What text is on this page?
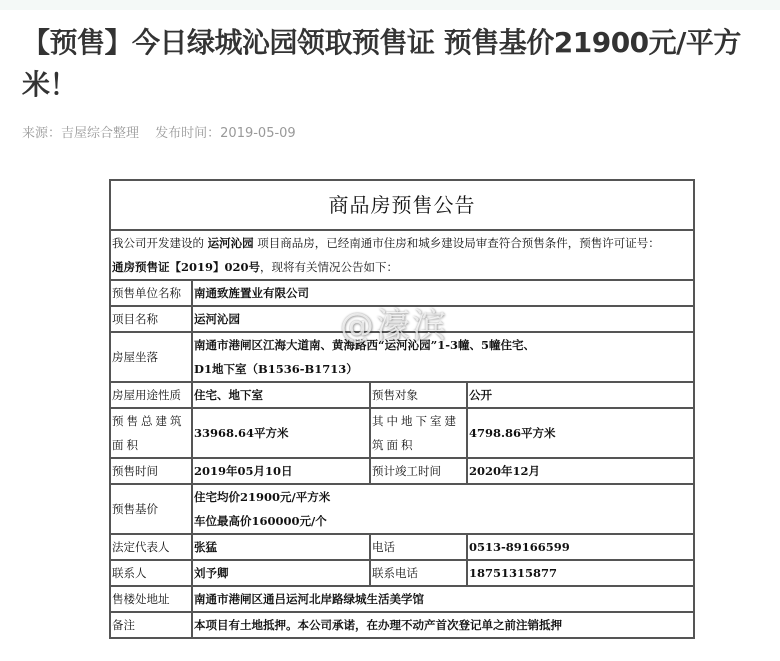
【预售】今日绿城沁园领取预售证 预售基价21900元/平方米！
来源：吉屋综合整理 发布时间：2019-05-09
商品房预售公告			
我公司开发建设的 运河沁园 项目商品房，已经南通市住房和城乡建设局审查符合预售条件，预售许可证号：
通房预售证【2019】020号，现将有关情况公告如下：			
预售单位名称	南通致旌置业有限公司		
项目名称	运河沁园		
房屋坐落	南通市港闸区江海大道南、黄海路西“运河沁园”1-3幢、5幢住宅、
D1地下室（B1536-B1713）		
房屋用途性质	住宅、地下室	预售对象	公开
预售总建筑面积	33968.64平方米	其中地下室建筑面积	4798.86平方米
预售时间	2019年05月10日	预计竣工时间	2020年12月
预售基价	住宅均价21900元/平方米
车位最高价160000元/个		
法定代表人	张猛	电话	0513-89166599
联系人	刘予卿	联系电话	18751315877
售楼处地址	南通市港闸区通吕运河北岸路绿城生活美学馆		
备注	本项目有土地抵押。本公司承诺，在办理不动产首次登记单之前注销抵押		
@濠滨
